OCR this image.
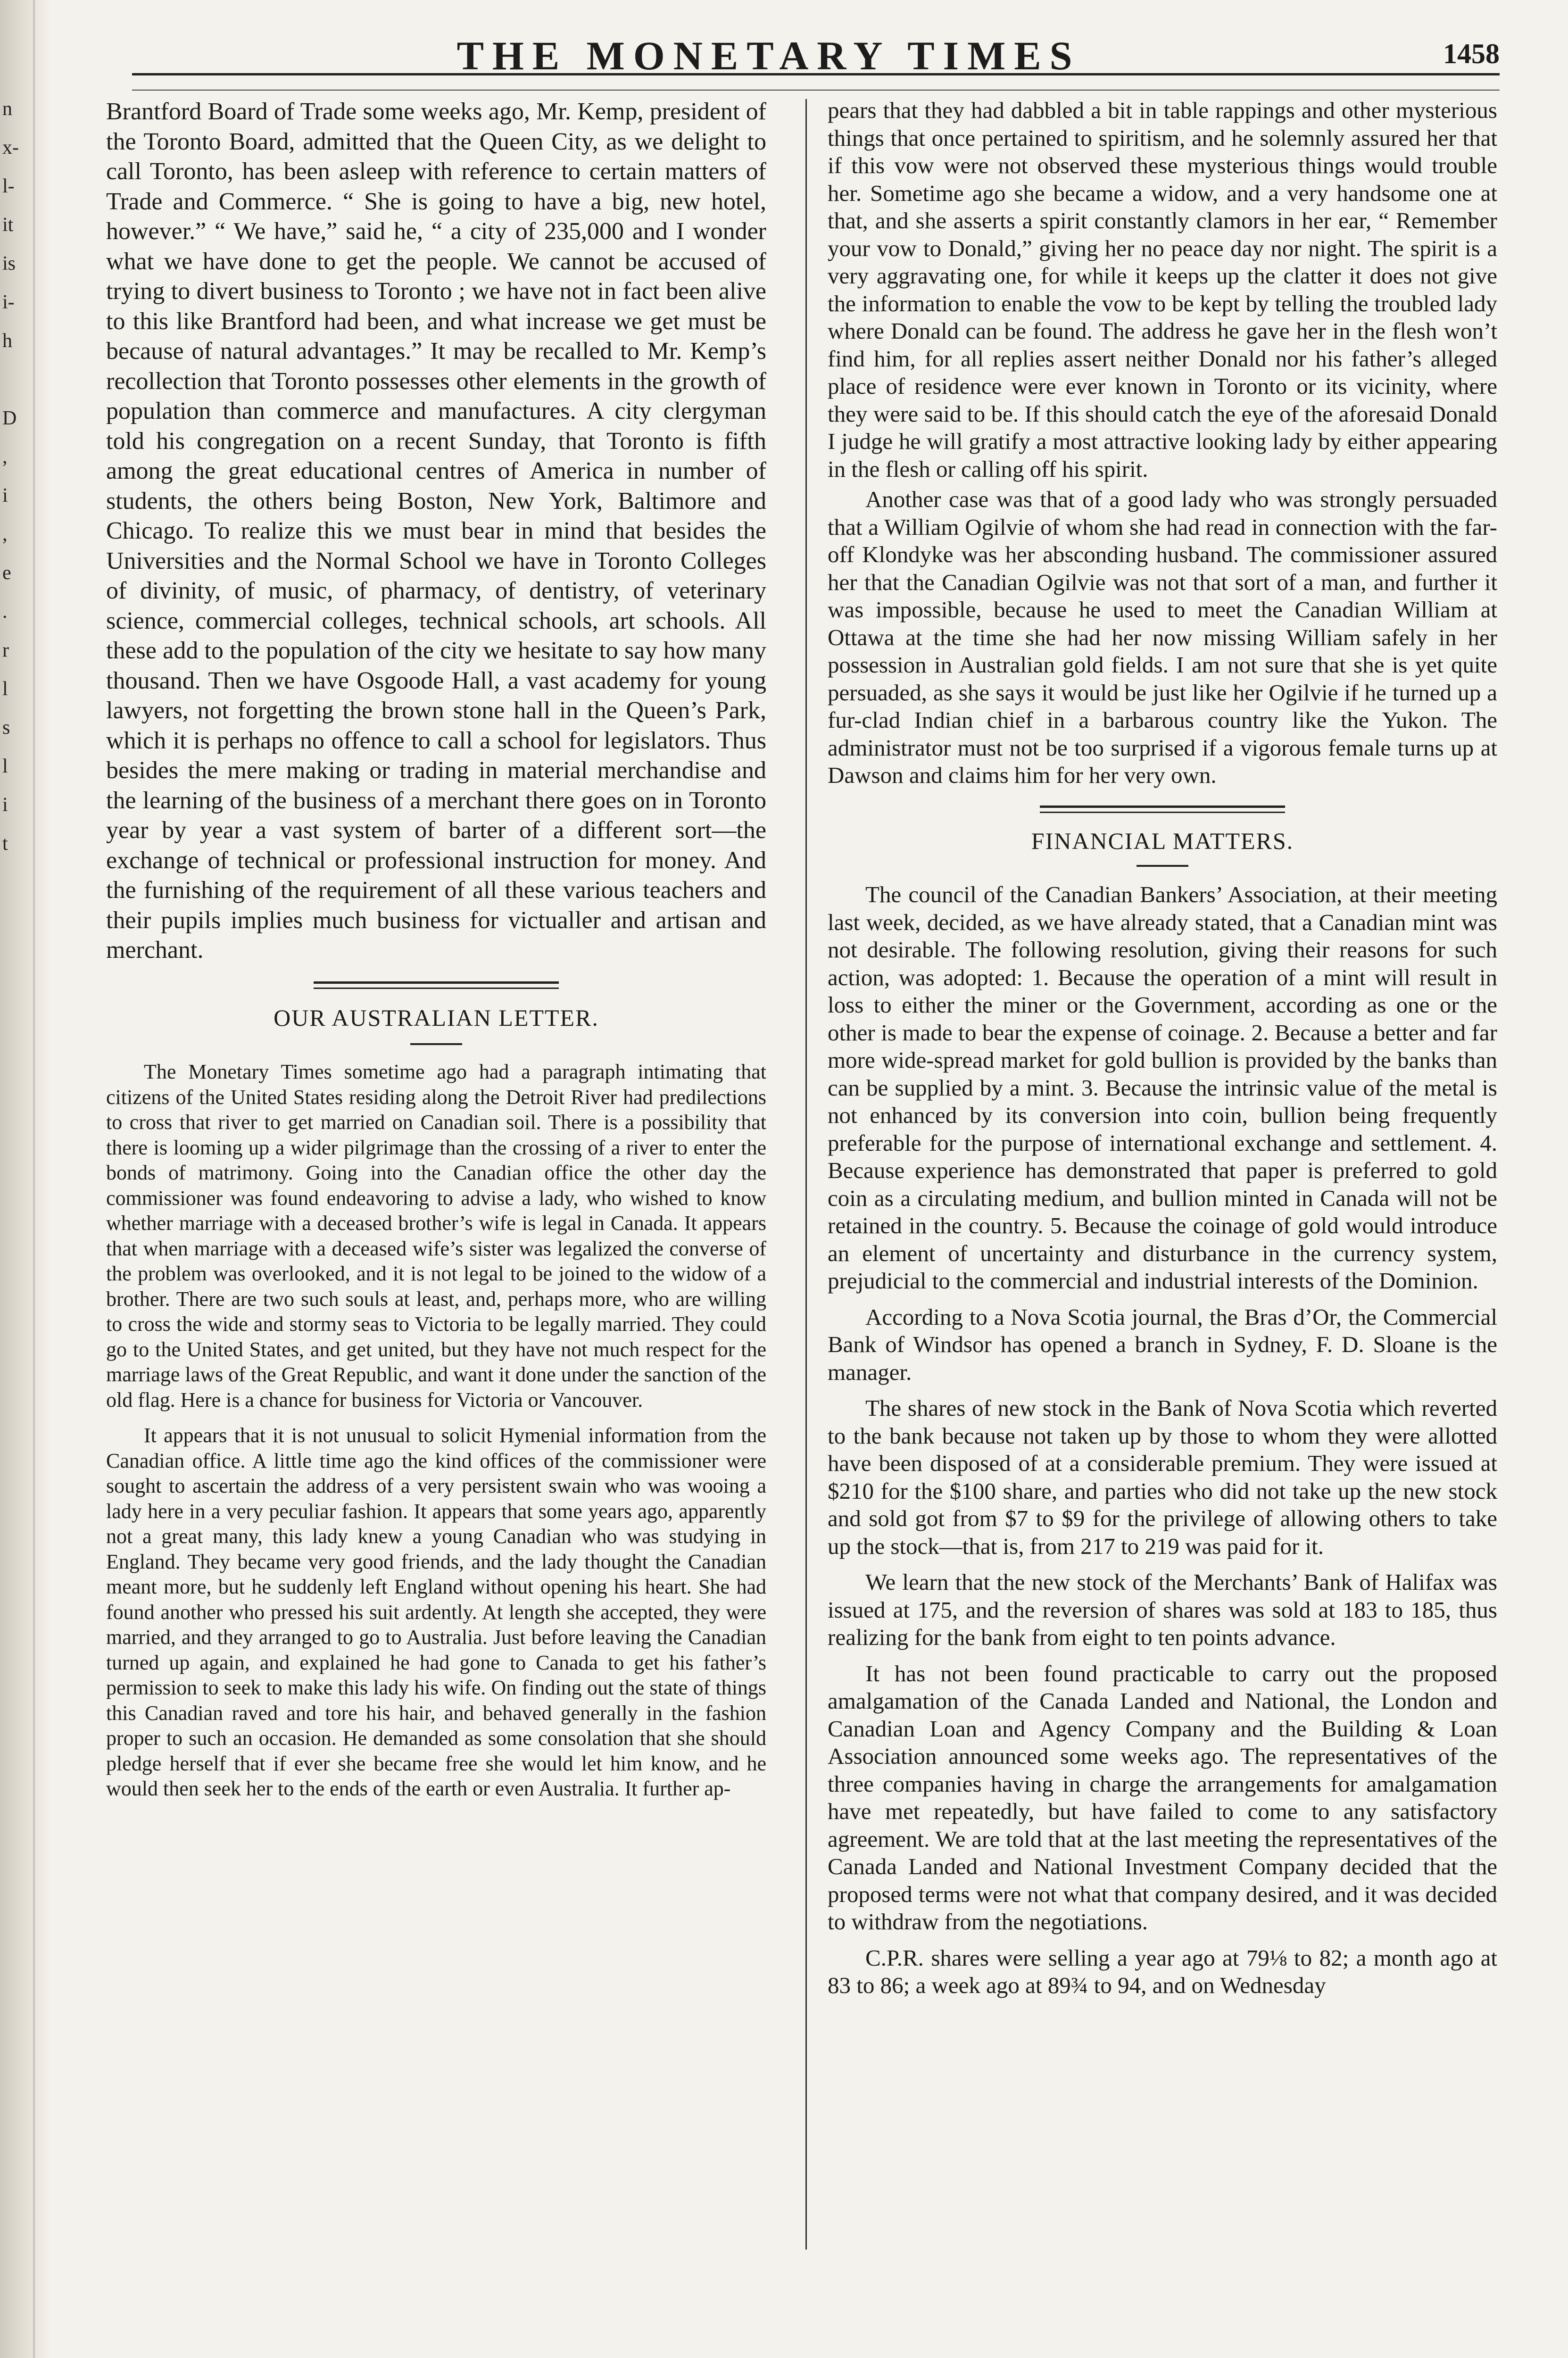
n
x-
l-
it
is
i-
h
D
,
i
,
e
.
r
l
s
l
i
t
THE MONETARY TIMES	1458

Brantford Board of Trade some weeks ago, Mr. Kemp, president of the Toronto Board, admitted that the Queen City, as we delight to call Toronto, has been asleep with reference to certain matters of Trade and Commerce. “ She is going to have a big, new hotel, however.” “ We have,” said he, “ a city of 235,000 and I wonder what we have done to get the people. We cannot be accused of trying to divert business to Toronto ; we have not in fact been alive to this like Brantford had been, and what increase we get must be because of natural advantages.” It may be recalled to Mr. Kemp’s recollection that Toronto possesses other elements in the growth of population than commerce and manufactures. A city clergyman told his congregation on a recent Sunday, that Toronto is fifth among the great educational centres of America in number of students, the others being Boston, New York, Baltimore and Chicago. To realize this we must bear in mind that besides the Universities and the Normal School we have in Toronto Colleges of divinity, of music, of pharmacy, of dentistry, of veterinary science, commercial colleges, technical schools, art schools. All these add to the population of the city we hesitate to say how many thousand. Then we have Osgoode Hall, a vast academy for young lawyers, not forgetting the brown stone hall in the Queen’s Park, which it is perhaps no offence to call a school for legislators. Thus besides the mere making or trading in material merchandise and the learning of the business of a merchant there goes on in Toronto year by year a vast system of barter of a different sort—the exchange of technical or professional instruction for money. And the furnishing of the requirement of all these various teachers and their pupils implies much business for victualler and artisan and merchant.

OUR AUSTRALIAN LETTER.

The Monetary Times sometime ago had a paragraph intimating that citizens of the United States residing along the Detroit River had predilections to cross that river to get married on Canadian soil. There is a possibility that there is looming up a wider pilgrimage than the crossing of a river to enter the bonds of matrimony. Going into the Canadian office the other day the commissioner was found endeavoring to advise a lady, who wished to know whether marriage with a deceased brother’s wife is legal in Canada. It appears that when marriage with a deceased wife’s sister was legalized the converse of the problem was overlooked, and it is not legal to be joined to the widow of a brother. There are two such souls at least, and, perhaps more, who are willing to cross the wide and stormy seas to Victoria to be legally married. They could go to the United States, and get united, but they have not much respect for the marriage laws of the Great Republic, and want it done under the sanction of the old flag. Here is a chance for business for Victoria or Vancouver.

It appears that it is not unusual to solicit Hymenial information from the Canadian office. A little time ago the kind offices of the commissioner were sought to ascertain the address of a very persistent swain who was wooing a lady here in a very peculiar fashion. It appears that some years ago, apparently not a great many, this lady knew a young Canadian who was studying in England. They became very good friends, and the lady thought the Canadian meant more, but he suddenly left England without opening his heart. She had found another who pressed his suit ardently. At length she accepted, they were married, and they arranged to go to Australia. Just before leaving the Canadian turned up again, and explained he had gone to Canada to get his father’s permission to seek to make this lady his wife. On finding out the state of things this Canadian raved and tore his hair, and behaved generally in the fashion proper to such an occasion. He demanded as some consolation that she should pledge herself that if ever she became free she would let him know, and he would then seek her to the ends of the earth or even Australia. It further ap-

pears that they had dabbled a bit in table rappings and other mysterious things that once pertained to spiritism, and he solemnly assured her that if this vow were not observed these mysterious things would trouble her. Sometime ago she became a widow, and a very handsome one at that, and she asserts a spirit constantly clamors in her ear, “ Remember your vow to Donald,” giving her no peace day nor night. The spirit is a very aggravating one, for while it keeps up the clatter it does not give the information to enable the vow to be kept by telling the troubled lady where Donald can be found. The address he gave her in the flesh won’t find him, for all replies assert neither Donald nor his father’s alleged place of residence were ever known in Toronto or its vicinity, where they were said to be. If this should catch the eye of the aforesaid Donald I judge he will gratify a most attractive looking lady by either appearing in the flesh or calling off his spirit.

Another case was that of a good lady who was strongly persuaded that a William Ogilvie of whom she had read in connection with the far-off Klondyke was her absconding husband. The commissioner assured her that the Canadian Ogilvie was not that sort of a man, and further it was impossible, because he used to meet the Canadian William at Ottawa at the time she had her now missing William safely in her possession in Australian gold fields. I am not sure that she is yet quite persuaded, as she says it would be just like her Ogilvie if he turned up a fur-clad Indian chief in a barbarous country like the Yukon. The administrator must not be too surprised if a vigorous female turns up at Dawson and claims him for her very own.

FINANCIAL MATTERS.

The council of the Canadian Bankers’ Association, at their meeting last week, decided, as we have already stated, that a Canadian mint was not desirable. The following resolution, giving their reasons for such action, was adopted: 1. Because the operation of a mint will result in loss to either the miner or the Government, according as one or the other is made to bear the expense of coinage. 2. Because a better and far more wide-spread market for gold bullion is provided by the banks than can be supplied by a mint. 3. Because the intrinsic value of the metal is not enhanced by its conversion into coin, bullion being frequently preferable for the purpose of international exchange and settlement. 4. Because experience has demonstrated that paper is preferred to gold coin as a circulating medium, and bullion minted in Canada will not be retained in the country. 5. Because the coinage of gold would introduce an element of uncertainty and disturbance in the currency system, prejudicial to the commercial and industrial interests of the Dominion.

According to a Nova Scotia journal, the Bras d’Or, the Commercial Bank of Windsor has opened a branch in Sydney, F. D. Sloane is the manager.

The shares of new stock in the Bank of Nova Scotia which reverted to the bank because not taken up by those to whom they were allotted have been disposed of at a considerable premium. They were issued at $210 for the $100 share, and parties who did not take up the new stock and sold got from $7 to $9 for the privilege of allowing others to take up the stock—that is, from 217 to 219 was paid for it.

We learn that the new stock of the Merchants’ Bank of Halifax was issued at 175, and the reversion of shares was sold at 183 to 185, thus realizing for the bank from eight to ten points advance.

It has not been found practicable to carry out the proposed amalgamation of the Canada Landed and National, the London and Canadian Loan and Agency Company and the Building & Loan Association announced some weeks ago. The representatives of the three companies having in charge the arrangements for amalgamation have met repeatedly, but have failed to come to any satisfactory agreement. We are told that at the last meeting the representatives of the Canada Landed and National Investment Company decided that the proposed terms were not what that company desired, and it was decided to withdraw from the negotiations.

C.P.R. shares were selling a year ago at 79⅛ to 82; a month ago at 83 to 86; a week ago at 89¾ to 94, and on Wednesday
